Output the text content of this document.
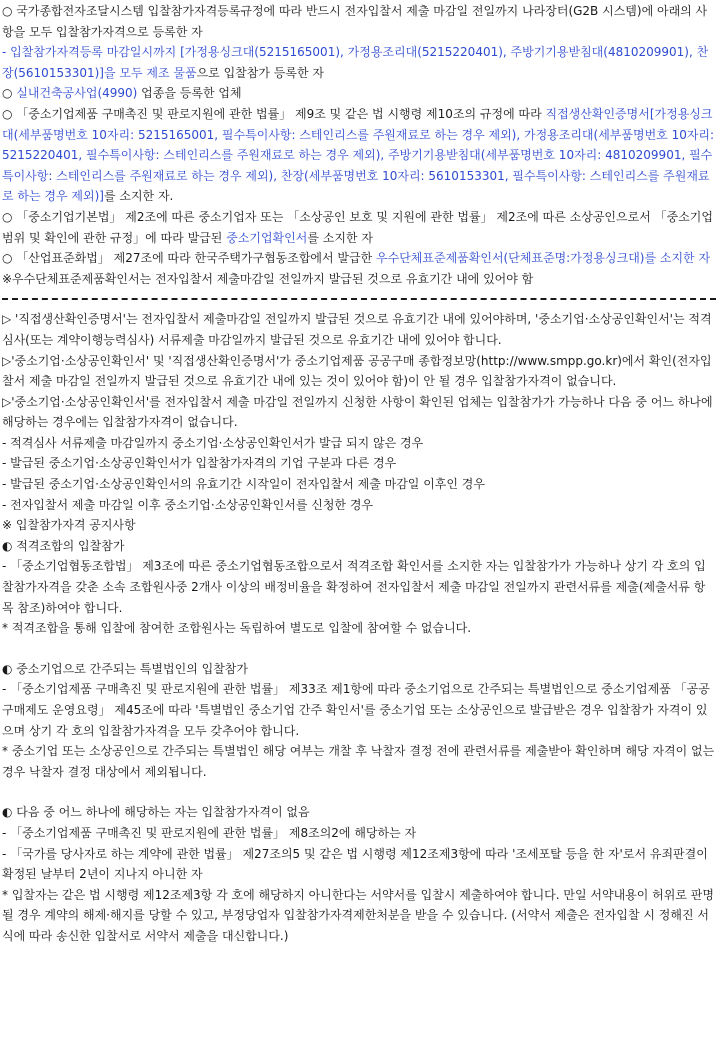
○ 국가종합전자조달시스템 입찰참가자격등록규정에 따라 반드시 전자입찰서 제출 마감일 전일까지 나라장터(G2B 시스템)에 아래의 사항을 모두 입찰참가자격으로 등록한 자

- 입찰참가자격등록 마감일시까지 [가정용싱크대(5215165001), 가정용조리대(5215220401), 주방기기용받침대(4810209901), 찬장(5610153301)]을 모두 제조 물품으로 입찰참가 등록한 자

○ 실내건축공사업(4990) 업종을 등록한 업체

○ 「중소기업제품 구매촉진 및 판로지원에 관한 법률」 제9조 및 같은 법 시행령 제10조의 규정에 따라 직접생산확인증명서[가정용싱크대(세부품명번호 10자리: 5215165001, 필수특이사항: 스테인리스를 주원재료로 하는 경우 제외), 가정용조리대(세부품명번호 10자리: 5215220401, 필수특이사항: 스테인리스를 주원재료로 하는 경우 제외), 주방기기용받침대(세부품명번호 10자리: 4810209901, 필수특이사항: 스테인리스를 주원재료로 하는 경우 제외), 찬장(세부품명번호 10자리: 5610153301, 필수특이사항: 스테인리스를 주원재료로 하는 경우 제외)]를 소지한 자.

○ 「중소기업기본법」 제2조에 따른 중소기업자 또는 「소상공인 보호 및 지원에 관한 법률」 제2조에 따른 소상공인으로서 「중소기업 범위 및 확인에 관한 규정」에 따라 발급된 중소기업확인서를 소지한 자

○ 「산업표준화법」 제27조에 따라 한국주택가구협동조합에서 발급한 우수단체표준제품확인서(단체표준명:가정용싱크대)를 소지한 자

※우수단체표준제품확인서는 전자입찰서 제출마감일 전일까지 발급된 것으로 유효기간 내에 있어야 함

▷ '직접생산확인증명서'는 전자입찰서 제출마감일 전일까지 발급된 것으로 유효기간 내에 있어야하며, '중소기업·소상공인확인서'는 적격심사(또는 계약이행능력심사) 서류제출 마감일까지 발급된 것으로 유효기간 내에 있어야 합니다.

▷'중소기업·소상공인확인서' 및 '직접생산확인증명서'가 중소기업제품 공공구매 종합정보망(http://www.smpp.go.kr)에서 확인(전자입찰서 제출 마감일 전일까지 발급된 것으로 유효기간 내에 있는 것이 있어야 함)이 안 될 경우 입찰참가자격이 없습니다.

▷'중소기업·소상공인확인서'를 전자입찰서 제출 마감일 전일까지 신청한 사항이 확인된 업체는 입찰참가가 가능하나 다음 중 어느 하나에 해당하는 경우에는 입찰참가자격이 없습니다.

- 적격심사 서류제출 마감일까지 중소기업·소상공인확인서가 발급 되지 않은 경우

- 발급된 중소기업·소상공인확인서가 입찰참가자격의 기업 구분과 다른 경우

- 발급된 중소기업·소상공인확인서의 유효기간 시작일이 전자입찰서 제출 마감일 이후인 경우

- 전자입찰서 제출 마감일 이후 중소기업·소상공인확인서를 신청한 경우

※ 입찰참가자격 공지사항

◐ 적격조합의 입찰참가

- 「중소기업협동조합법」 제3조에 따른 중소기업협동조합으로서 적격조합 확인서를 소지한 자는 입찰참가가 가능하나 상기 각 호의 입찰참가자격을 갖춘 소속 조합원사중 2개사 이상의 배정비율을 확정하여 전자입찰서 제출 마감일 전일까지 관련서류를 제출(제출서류 항목 참조)하여야 합니다.

* 적격조합을 통해 입찰에 참여한 조합원사는 독립하여 별도로 입찰에 참여할 수 없습니다.

◐ 중소기업으로 간주되는 특별법인의 입찰참가

- 「중소기업제품 구매촉진 및 판로지원에 관한 법률」 제33조 제1항에 따라 중소기업으로 간주되는 특별법인으로 중소기업제품 「공공구매제도 운영요령」 제45조에 따라 '특별법인 중소기업 간주 확인서'를 중소기업 또는 소상공인으로 발급받은 경우 입찰참가 자격이 있으며 상기 각 호의 입찰참가자격을 모두 갖추어야 합니다.

* 중소기업 또는 소상공인으로 간주되는 특별법인 해당 여부는 개찰 후 낙찰자 결정 전에 관련서류를 제출받아 확인하며 해당 자격이 없는 경우 낙찰자 결정 대상에서 제외됩니다.

◐ 다음 중 어느 하나에 해당하는 자는 입찰참가자격이 없음

- 「중소기업제품 구매촉진 및 판로지원에 관한 법률」 제8조의2에 해당하는 자

- 「국가를 당사자로 하는 계약에 관한 법률」 제27조의5 및 같은 법 시행령 제12조제3항에 따라 '조세포탈 등을 한 자'로서 유죄판결이 확정된 날부터 2년이 지나지 아니한 자

* 입찰자는 같은 법 시행령 제12조제3항 각 호에 해당하지 아니한다는 서약서를 입찰시 제출하여야 합니다. 만일 서약내용이 허위로 판명될 경우 계약의 해제·해지를 당할 수 있고, 부정당업자 입찰참가자격제한처분을 받을 수 있습니다. (서약서 제출은 전자입찰 시 정해진 서식에 따라 송신한 입찰서로 서약서 제출을 대신합니다.)
